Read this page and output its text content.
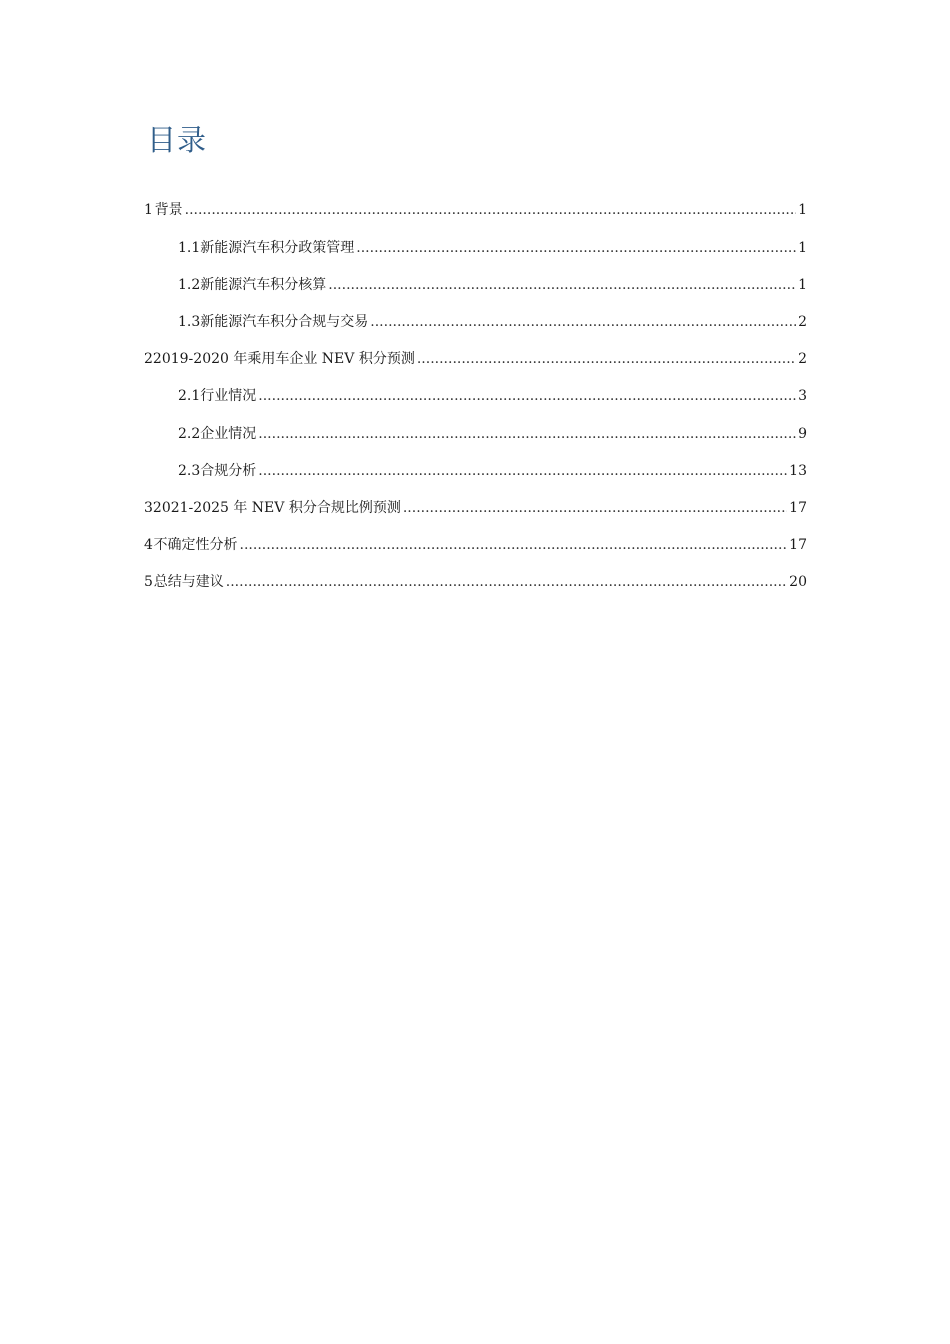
目录
1 背景 .....	1
1.1 新能源汽车积分政策管理 .....	1
1.2 新能源汽车积分核算 .....	1
1.3 新能源汽车积分合规与交易 .....	2
2 2019-2020 年乘用车企业 NEV 积分预测 .....	2
2.1 行业情况 .....	3
2.2 企业情况 .....	9
2.3 合规分析 .....	13
3 2021-2025 年 NEV 积分合规比例预测 .....	17
4 不确定性分析 .....	17
5 总结与建议 .....	20
